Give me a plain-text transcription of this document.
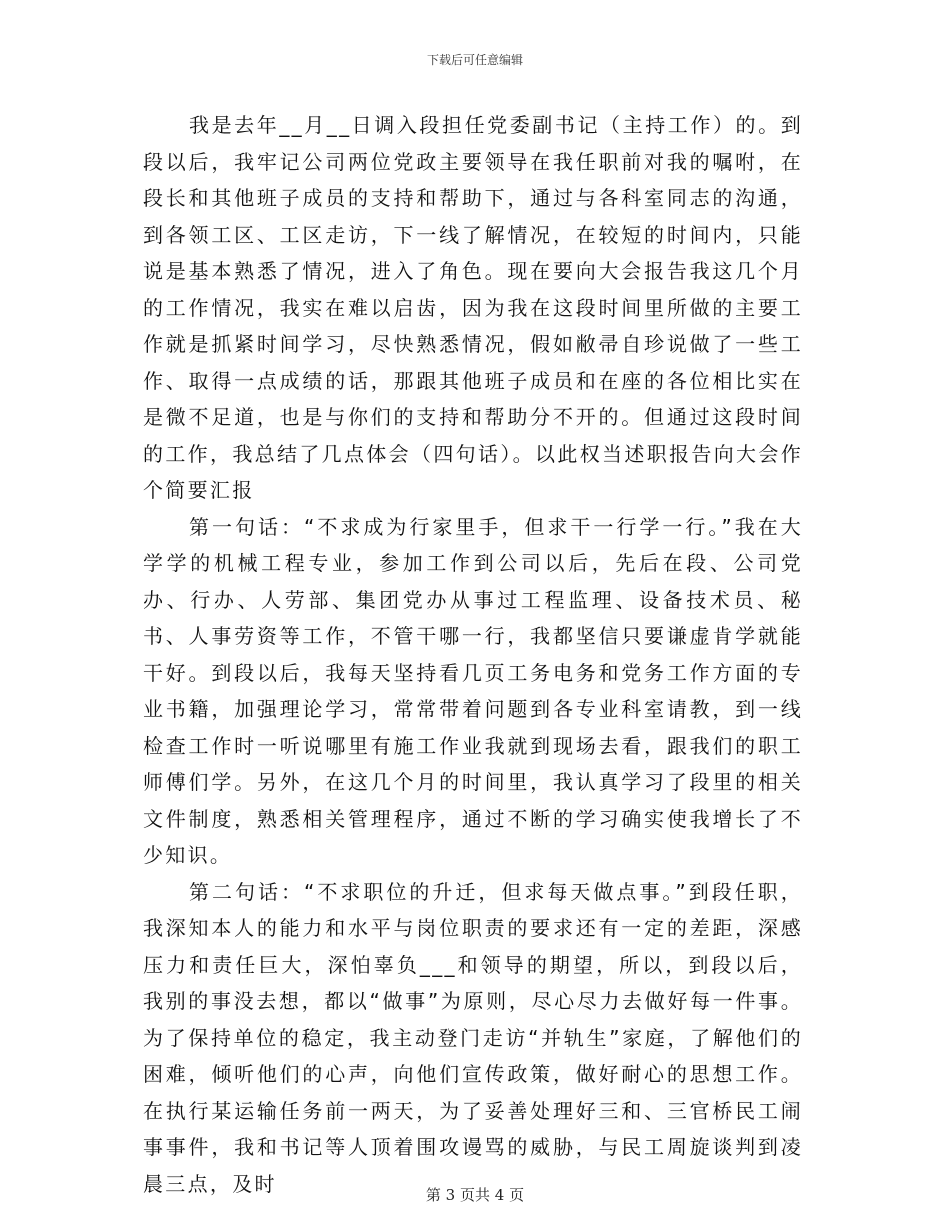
下载后可任意编辑

我是去年__月__日调入段担任党委副书记（主持工作）的。到段以后，我牢记公司两位党政主要领导在我任职前对我的嘱咐，在段长和其他班子成员的支持和帮助下，通过与各科室同志的沟通，到各领工区、工区走访，下一线了解情况，在较短的时间内，只能说是基本熟悉了情况，进入了角色。现在要向大会报告我这几个月的工作情况，我实在难以启齿，因为我在这段时间里所做的主要工作就是抓紧时间学习，尽快熟悉情况，假如敝帚自珍说做了一些工作、取得一点成绩的话，那跟其他班子成员和在座的各位相比实在是微不足道，也是与你们的支持和帮助分不开的。但通过这段时间的工作，我总结了几点体会（四句话）。以此权当述职报告向大会作个简要汇报

第一句话：“不求成为行家里手，但求干一行学一行。”我在大学学的机械工程专业，参加工作到公司以后，先后在段、公司党办、行办、人劳部、集团党办从事过工程监理、设备技术员、秘书、人事劳资等工作，不管干哪一行，我都坚信只要谦虚肯学就能干好。到段以后，我每天坚持看几页工务电务和党务工作方面的专业书籍，加强理论学习，常常带着问题到各专业科室请教，到一线检查工作时一听说哪里有施工作业我就到现场去看，跟我们的职工师傅们学。另外，在这几个月的时间里，我认真学习了段里的相关文件制度，熟悉相关管理程序，通过不断的学习确实使我增长了不少知识。

第二句话：“不求职位的升迁，但求每天做点事。”到段任职，我深知本人的能力和水平与岗位职责的要求还有一定的差距，深感压力和责任巨大，深怕辜负___和领导的期望，所以，到段以后，我别的事没去想，都以“做事”为原则，尽心尽力去做好每一件事。为了保持单位的稳定，我主动登门走访“并轨生”家庭，了解他们的困难，倾听他们的心声，向他们宣传政策，做好耐心的思想工作。在执行某运输任务前一两天，为了妥善处理好三和、三官桥民工闹事事件，我和书记等人顶着围攻谩骂的威胁，与民工周旋谈判到凌晨三点，及时	第 3 页共 4 页
